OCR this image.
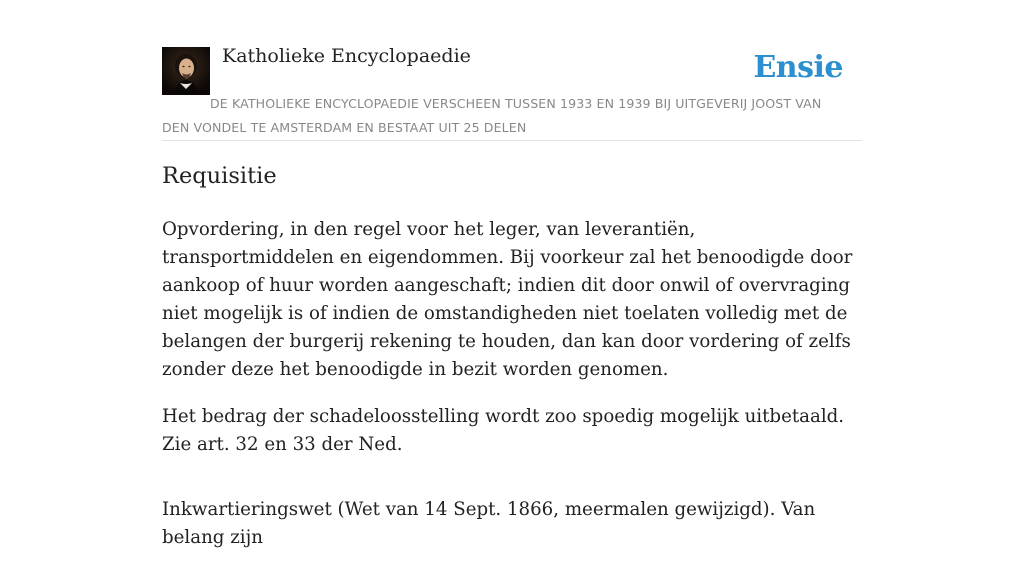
Katholieke Encyclopaedie	Ensie
DE KATHOLIEKE ENCYCLOPAEDIE VERSCHEEN TUSSEN 1933 EN 1939 BIJ UITGEVERIJ JOOST VAN DEN VONDEL TE AMSTERDAM EN BESTAAT UIT 25 DELEN
Requisitie

Opvordering, in den regel voor het leger, van leverantiën, transportmiddelen en eigendommen. Bij voorkeur zal het benoodigde door aankoop of huur worden aangeschaft; indien dit door onwil of overvraging niet mogelijk is of indien de omstandigheden niet toelaten volledig met de belangen der burgerij rekening te houden, dan kan door vordering of zelfs zonder deze het benoodigde in bezit worden genomen.

Het bedrag der schadeloosstelling wordt zoo spoedig mogelijk uitbetaald. Zie art. 32 en 33 der Ned.

Inkwartieringswet (Wet van 14 Sept. 1866, meermalen gewijzigd). Van belang zijn
